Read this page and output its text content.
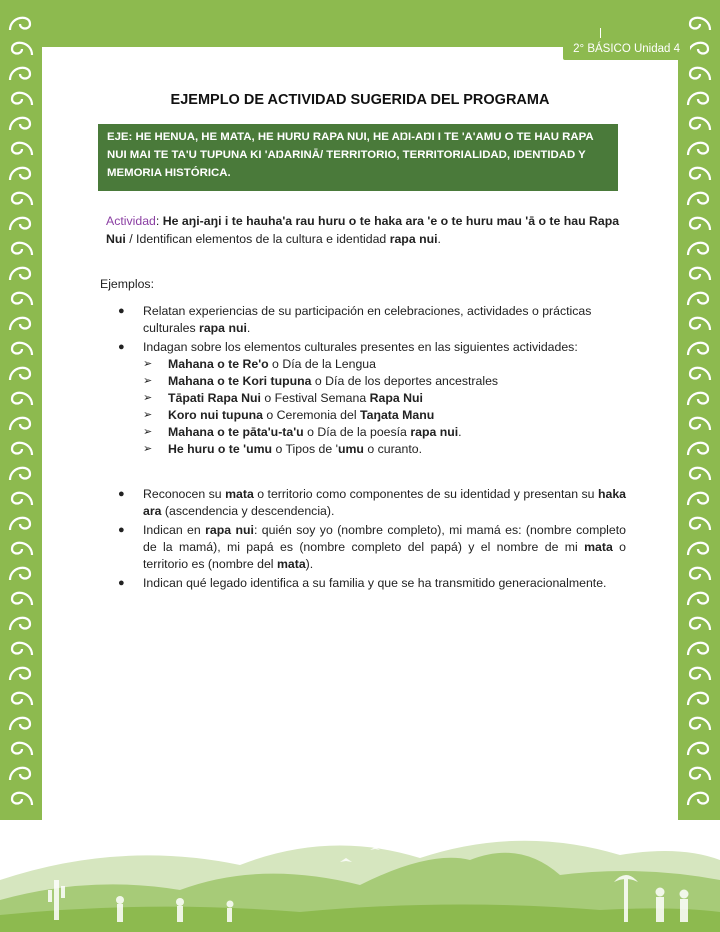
2° BÁSICO Unidad 4
EJEMPLO DE ACTIVIDAD SUGERIDA DEL PROGRAMA
EJE: HE HENUA, HE MATA, HE HURU RAPA NUI, HE AŊI-AŊI I TE 'A'AMU O TE HAU RAPA NUI MAI TE TA'U TUPUNA KI 'AŊARINĀ/ TERRITORIO, TERRITORIALIDAD, IDENTIDAD Y MEMORIA HISTÓRICA.
Actividad: He aŋi-aŋi i te hauha'a rau huru o te haka ara 'e o te huru mau 'ā o te hau Rapa Nui / Identifican elementos de la cultura e identidad rapa nui.
Ejemplos:
● Relatan experiencias de su participación en celebraciones, actividades o prácticas culturales rapa nui.
● Indagan sobre los elementos culturales presentes en las siguientes actividades:
➢ Mahana o te Re'o o Día de la Lengua
➢ Mahana o te Kori tupuna o Día de los deportes ancestrales
➢ Tāpati Rapa Nui o Festival Semana Rapa Nui
➢ Koro nui tupuna o Ceremonia del Taŋata Manu
➢ Mahana o te pāta'u-ta'u o Día de la poesía rapa nui.
➢ He huru o te 'umu o Tipos de 'umu o curanto.
● Reconocen su mata o territorio como componentes de su identidad y presentan su haka ara (ascendencia y descendencia).
● Indican en rapa nui: quién soy yo (nombre completo), mi mamá es: (nombre completo de la mamá), mi papá es (nombre completo del papá) y el nombre de mi mata o territorio es (nombre del mata).
● Indican qué legado identifica a su familia y que se ha transmitido generacionalmente.
